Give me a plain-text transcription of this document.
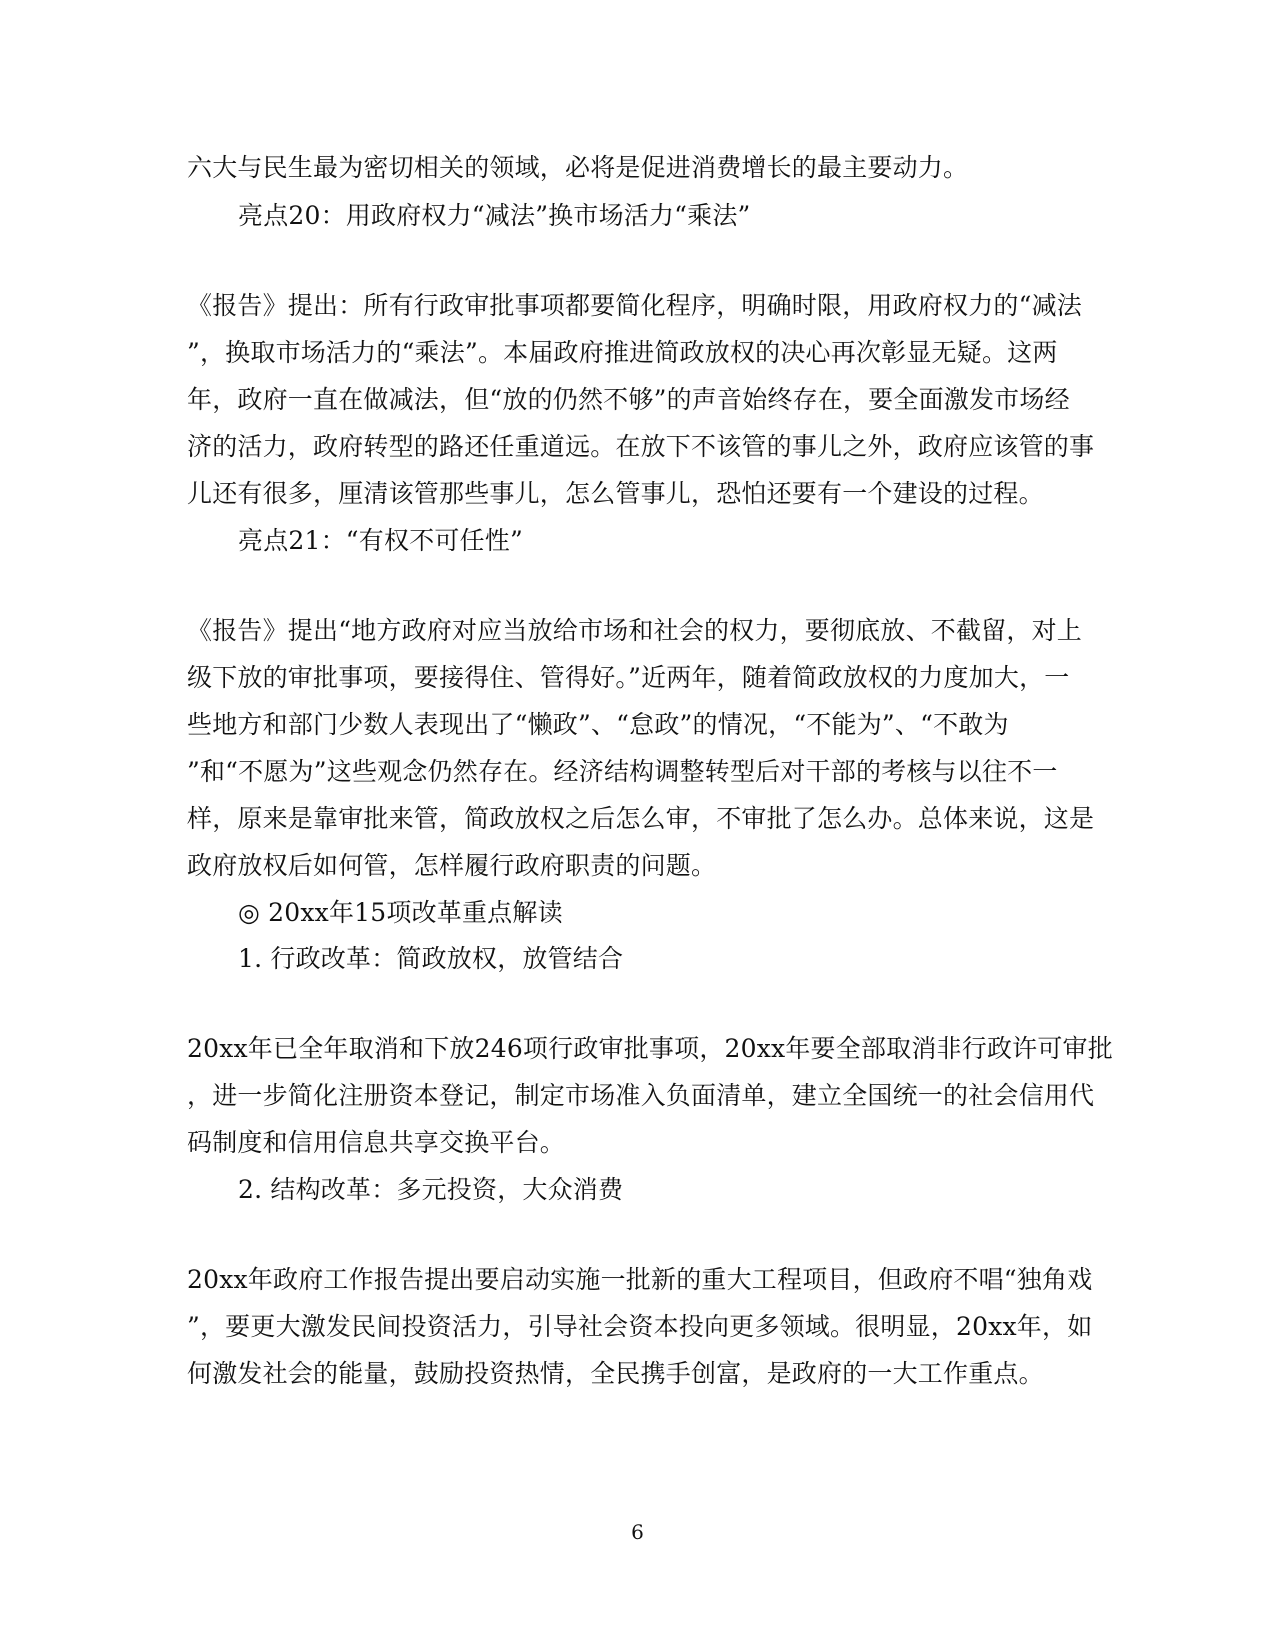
六大与民生最为密切相关的领域，必将是促进消费增长的最主要动力。
亮点20：用政府权力“减法”换市场活力“乘法”
《报告》提出：所有行政审批事项都要简化程序，明确时限，用政府权力的“减法
”，换取市场活力的“乘法”。本届政府推进简政放权的决心再次彰显无疑。这两
年，政府一直在做减法，但“放的仍然不够”的声音始终存在，要全面激发市场经
济的活力，政府转型的路还任重道远。在放下不该管的事儿之外，政府应该管的事
儿还有很多，厘清该管那些事儿，怎么管事儿，恐怕还要有一个建设的过程。
亮点21：“有权不可任性”
《报告》提出“地方政府对应当放给市场和社会的权力，要彻底放、不截留，对上
级下放的审批事项，要接得住、管得好。”近两年，随着简政放权的力度加大，一
些地方和部门少数人表现出了“懒政”、“怠政”的情况，“不能为”、“不敢为
”和“不愿为”这些观念仍然存在。经济结构调整转型后对干部的考核与以往不一
样，原来是靠审批来管，简政放权之后怎么审，不审批了怎么办。总体来说，这是
政府放权后如何管，怎样履行政府职责的问题。
◎ 20xx年15项改革重点解读
1. 行政改革：简政放权，放管结合
20xx年已全年取消和下放246项行政审批事项，20xx年要全部取消非行政许可审批
，进一步简化注册资本登记，制定市场准入负面清单，建立全国统一的社会信用代
码制度和信用信息共享交换平台。
2. 结构改革：多元投资，大众消费
20xx年政府工作报告提出要启动实施一批新的重大工程项目，但政府不唱“独角戏
”，要更大激发民间投资活力，引导社会资本投向更多领域。很明显，20xx年，如
何激发社会的能量，鼓励投资热情，全民携手创富，是政府的一大工作重点。
6
